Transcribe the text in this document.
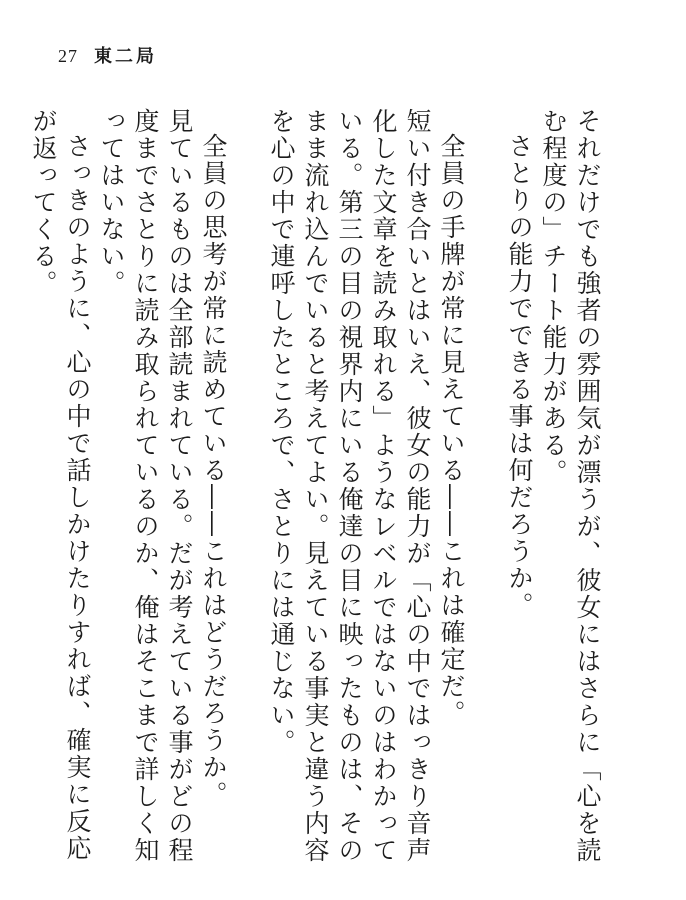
27 東二局

それだけでも強者の雰囲気が漂うが、彼女にはさらに「心を読む程度の」チート能力がある。

さとりの能力でできる事は何だろうか。

全員の手牌が常に見えている――これは確定だ。

短い付き合いとはいえ、彼女の能力が「心の中ではっきり音声化した文章を読み取れる」ようなレベルではないのはわかっている。第三の目の視界内にいる俺達の目に映ったものは、そのまま流れ込んでいると考えてよい。見えている事実と違う内容を心の中で連呼したところで、さとりには通じない。

全員の思考が常に読めている――これはどうだろうか。

見ているものは全部読まれている。だが考えている事がどの程度までさとりに読み取られているのか、俺はそこまで詳しく知ってはいない。

さっきのように、心の中で話しかけたりすれば、確実に反応が返ってくる。
